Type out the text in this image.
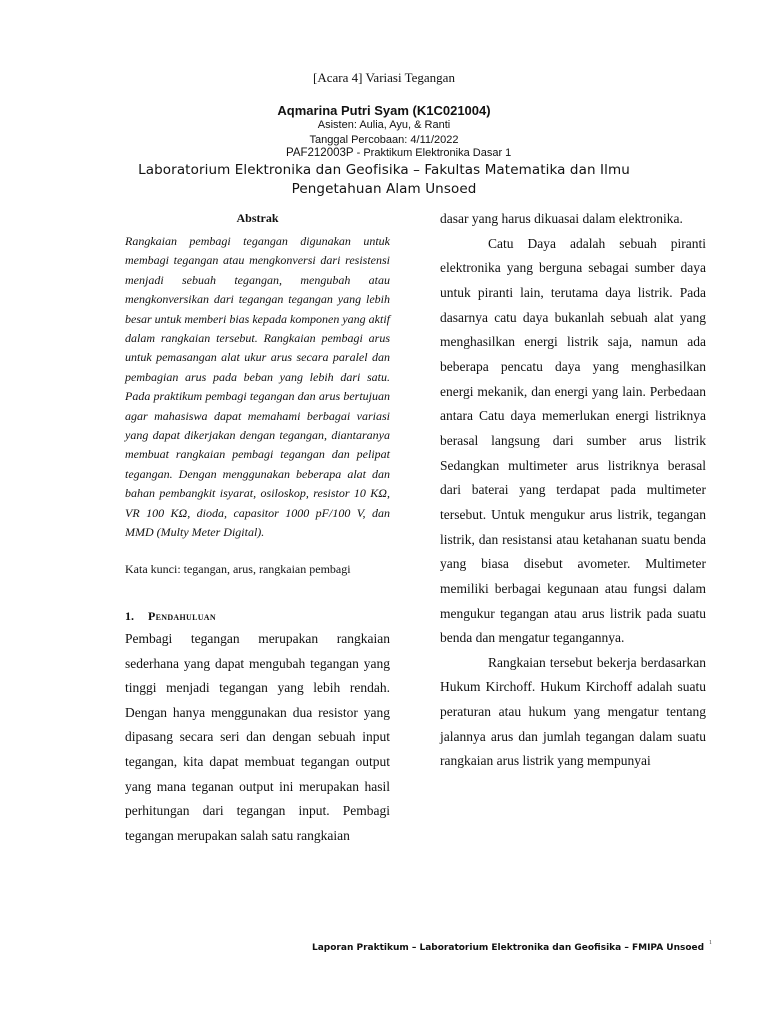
[Acara 4] Variasi Tegangan
Aqmarina Putri Syam (K1C021004)
Asisten: Aulia, Ayu, & Ranti
Tanggal Percobaan: 4/11/2022
PAF212003P - Praktikum Elektronika Dasar 1
Laboratorium Elektronika dan Geofisika – Fakultas Matematika dan Ilmu Pengetahuan Alam Unsoed
Abstrak
Rangkaian pembagi tegangan digunakan untuk membagi tegangan atau mengkonversi dari resistensi menjadi sebuah tegangan, mengubah atau mengkonversikan dari tegangan tegangan yang lebih besar untuk memberi bias kepada komponen yang aktif dalam rangkaian tersebut. Rangkaian pembagi arus untuk pemasangan alat ukur arus secara paralel dan pembagian arus pada beban yang lebih dari satu. Pada praktikum pembagi tegangan dan arus bertujuan agar mahasiswa dapat memahami berbagai variasi yang dapat dikerjakan dengan tegangan, diantaranya membuat rangkaian pembagi tegangan dan pelipat tegangan. Dengan menggunakan beberapa alat dan bahan pembangkit isyarat, osiloskop, resistor 10 KΩ, VR 100 KΩ, dioda, capasitor 1000 pF/100 V, dan MMD (Multy Meter Digital).
Kata kunci: tegangan, arus, rangkaian pembagi
1. Pendahuluan
Pembagi tegangan merupakan rangkaian sederhana yang dapat mengubah tegangan yang tinggi menjadi tegangan yang lebih rendah. Dengan hanya menggunakan dua resistor yang dipasang secara seri dan dengan sebuah input tegangan, kita dapat membuat tegangan output yang mana teganan output ini merupakan hasil perhitungan dari tegangan input. Pembagi tegangan merupakan salah satu rangkaian

dasar yang harus dikuasai dalam elektronika.

Catu Daya adalah sebuah piranti elektronika yang berguna sebagai sumber daya untuk piranti lain, terutama daya listrik. Pada dasarnya catu daya bukanlah sebuah alat yang menghasilkan energi listrik saja, namun ada beberapa pencatu daya yang menghasilkan energi mekanik, dan energi yang lain. Perbedaan antara Catu daya memerlukan energi listriknya berasal langsung dari sumber arus listrik Sedangkan multimeter arus listriknya berasal dari baterai yang terdapat pada multimeter tersebut. Untuk mengukur arus listrik, tegangan listrik, dan resistansi atau ketahanan suatu benda yang biasa disebut avometer. Multimeter memiliki berbagai kegunaan atau fungsi dalam mengukur tegangan atau arus listrik pada suatu benda dan mengatur tegangannya.

Rangkaian tersebut bekerja berdasarkan Hukum Kirchoff. Hukum Kirchoff adalah suatu peraturan atau hukum yang mengatur tentang jalannya arus dan jumlah tegangan dalam suatu rangkaian arus listrik yang mempunyai

Laporan Praktikum – Laboratorium Elektronika dan Geofisika – FMIPA Unsoed 1
